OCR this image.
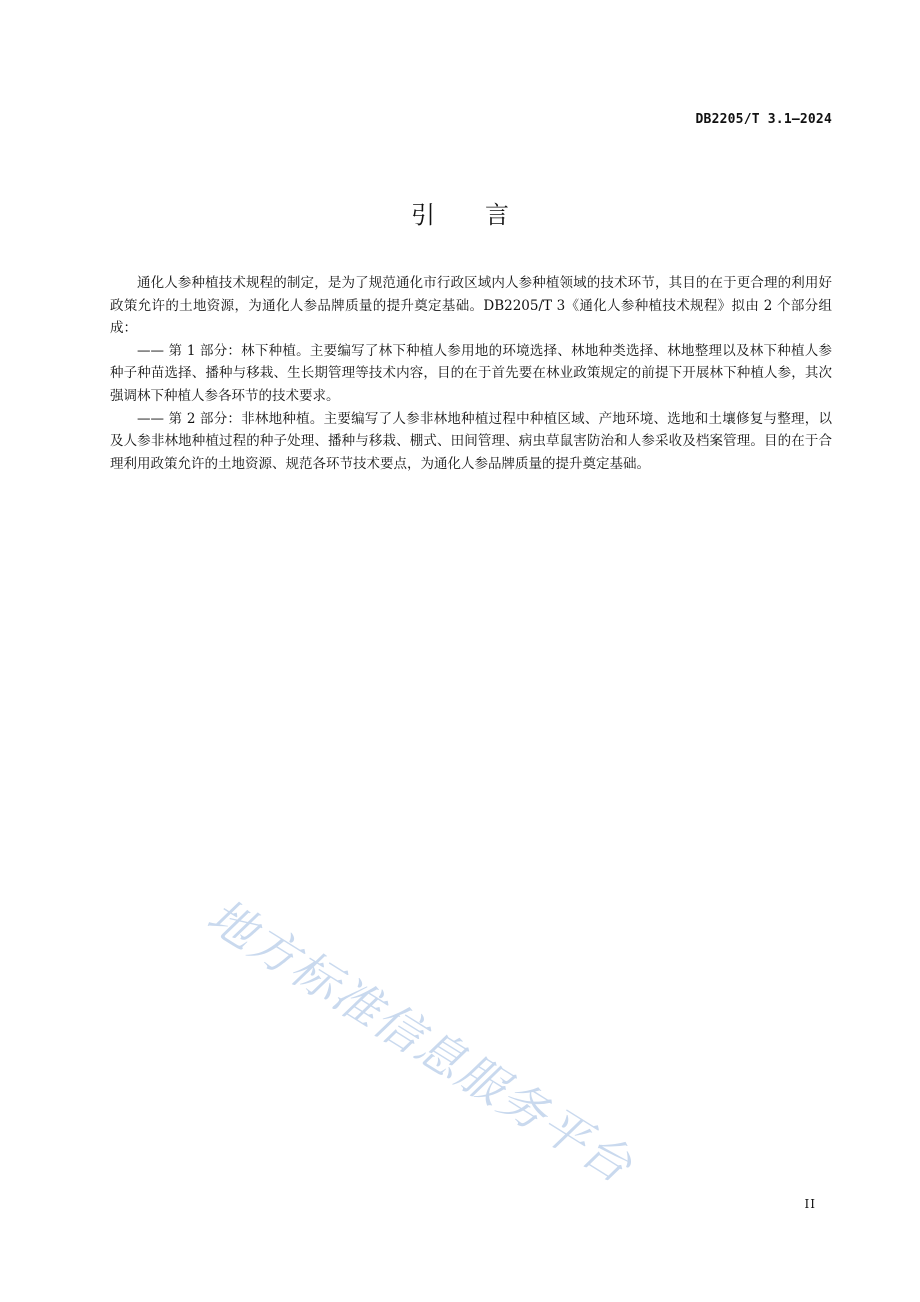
DB2205/T 3.1—2024
引言

通化人参种植技术规程的制定，是为了规范通化市行政区域内人参种植领域的技术环节，其目的在于更合理的利用好政策允许的土地资源，为通化人参品牌质量的提升奠定基础。DB2205/T 3《通化人参种植技术规程》拟由 2 个部分组成：

—— 第 1 部分：林下种植。主要编写了林下种植人参用地的环境选择、林地种类选择、林地整理以及林下种植人参种子种苗选择、播种与移栽、生长期管理等技术内容，目的在于首先要在林业政策规定的前提下开展林下种植人参，其次强调林下种植人参各环节的技术要求。

—— 第 2 部分：非林地种植。主要编写了人参非林地种植过程中种植区域、产地环境、选地和土壤修复与整理，以及人参非林地种植过程的种子处理、播种与移栽、棚式、田间管理、病虫草鼠害防治和人参采收及档案管理。目的在于合理利用政策允许的土地资源、规范各环节技术要点，为通化人参品牌质量的提升奠定基础。

地方标准信息服务平台
II
